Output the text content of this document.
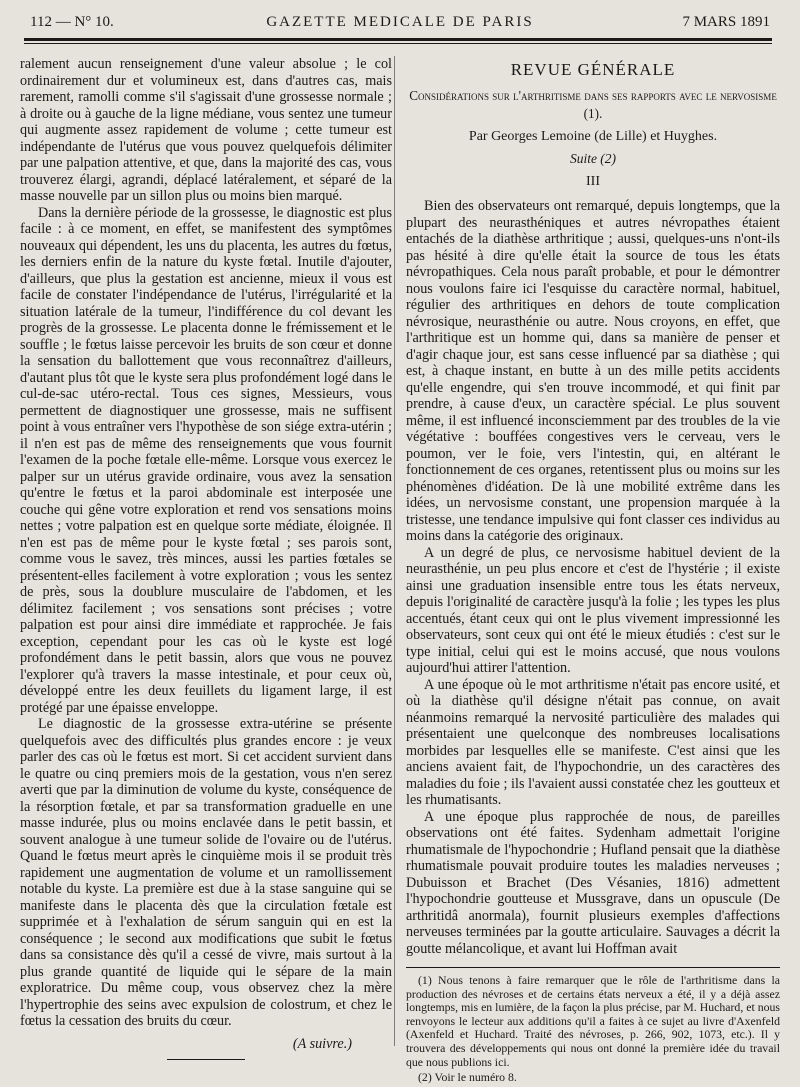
112 — N° 10.	GAZETTE MEDICALE DE PARIS	7 MARS 1891

ralement aucun renseignement d'une valeur absolue ; le col ordinairement dur et volumineux est, dans d'autres cas, mais rarement, ramolli comme s'il s'agissait d'une grossesse normale ; à droite ou à gauche de la ligne médiane, vous sentez une tumeur qui augmente assez rapidement de volume ; cette tumeur est indépendante de l'utérus que vous pouvez quelquefois délimiter par une palpation attentive, et que, dans la majorité des cas, vous trouverez élargi, agrandi, déplacé latéralement, et séparé de la masse nouvelle par un sillon plus ou moins bien marqué.

Dans la dernière période de la grossesse, le diagnostic est plus facile : à ce moment, en effet, se manifestent des symptômes nouveaux qui dépendent, les uns du placenta, les autres du fœtus, les derniers enfin de la nature du kyste fœtal. Inutile d'ajouter, d'ailleurs, que plus la gestation est ancienne, mieux il vous est facile de constater l'indépendance de l'utérus, l'irrégularité et la situation latérale de la tumeur, l'indifférence du col devant les progrès de la grossesse. Le placenta donne le frémissement et le souffle ; le fœtus laisse percevoir les bruits de son cœur et donne la sensation du ballottement que vous reconnaîtrez d'ailleurs, d'autant plus tôt que le kyste sera plus profondément logé dans le cul-de-sac utéro-rectal. Tous ces signes, Messieurs, vous permettent de diagnostiquer une grossesse, mais ne suffisent point à vous entraîner vers l'hypothèse de son siége extra-utérin ; il n'en est pas de même des renseignements que vous fournit l'examen de la poche fœtale elle-même. Lorsque vous exercez le palper sur un utérus gravide ordinaire, vous avez la sensation qu'entre le fœtus et la paroi abdominale est interposée une couche qui gêne votre exploration et rend vos sensations moins nettes ; votre palpation est en quelque sorte médiate, éloignée. Il n'en est pas de même pour le kyste fœtal ; ses parois sont, comme vous le savez, très minces, aussi les parties fœtales se présentent-elles facilement à votre exploration ; vous les sentez de près, sous la doublure musculaire de l'abdomen, et les délimitez facilement ; vos sensations sont précises ; votre palpation est pour ainsi dire immédiate et rapprochée. Je fais exception, cependant pour les cas où le kyste est logé profondément dans le petit bassin, alors que vous ne pouvez l'explorer qu'à travers la masse intestinale, et pour ceux où, développé entre les deux feuillets du ligament large, il est protégé par une épaisse enveloppe.

Le diagnostic de la grossesse extra-utérine se présente quelquefois avec des difficultés plus grandes encore : je veux parler des cas où le fœtus est mort. Si cet accident survient dans le quatre ou cinq premiers mois de la gestation, vous n'en serez averti que par la diminution de volume du kyste, conséquence de la résorption fœtale, et par sa transformation graduelle en une masse indurée, plus ou moins enclavée dans le petit bassin, et souvent analogue à une tumeur solide de l'ovaire ou de l'utérus. Quand le fœtus meurt après le cinquième mois il se produit très rapidement une augmentation de volume et un ramollissement notable du kyste. La première est due à la stase sanguine qui se manifeste dans le placenta dès que la circulation fœtale est supprimée et à l'exhalation de sérum sanguin qui en est la conséquence ; le second aux modifications que subit le fœtus dans sa consistance dès qu'il a cessé de vivre, mais surtout à la plus grande quantité de liquide qui le sépare de la main exploratrice. Du même coup, vous observez chez la mère l'hypertrophie des seins avec expulsion de colostrum, et chez le fœtus la cessation des bruits du cœur.

(A suivre.)
REVUE GÉNÉRALE
Considérations sur l'arthritisme dans ses rapports avec le nervosisme (1).
Par Georges Lemoine (de Lille) et Huyghes.
Suite (2)
III

Bien des observateurs ont remarqué, depuis longtemps, que la plupart des neurasthéniques et autres névropathes étaient entachés de la diathèse arthritique ; aussi, quelques-uns n'ont-ils pas hésité à dire qu'elle était la source de tous les états névropathiques. Cela nous paraît probable, et pour le démontrer nous voulons faire ici l'esquisse du caractère normal, habituel, régulier des arthritiques en dehors de toute complication névrosique, neurasthénie ou autre. Nous croyons, en effet, que l'arthritique est un homme qui, dans sa manière de penser et d'agir chaque jour, est sans cesse influencé par sa diathèse ; qui est, à chaque instant, en butte à un des mille petits accidents qu'elle engendre, qui s'en trouve incommodé, et qui finit par prendre, à cause d'eux, un caractère spécial. Le plus souvent même, il est influencé inconsciemment par des troubles de la vie végétative : bouffées congestives vers le cerveau, vers le poumon, ver le foie, vers l'intestin, qui, en altérant le fonctionnement de ces organes, retentissent plus ou moins sur les phénomènes d'idéation. De là une mobilité extrême dans les idées, un nervosisme constant, une propension marquée à la tristesse, une tendance impulsive qui font classer ces individus au moins dans la catégorie des originaux.

A un degré de plus, ce nervosisme habituel devient de la neurasthénie, un peu plus encore et c'est de l'hystérie ; il existe ainsi une graduation insensible entre tous les états nerveux, depuis l'originalité de caractère jusqu'à la folie ; les types les plus accentués, étant ceux qui ont le plus vivement impressionné les observateurs, sont ceux qui ont été le mieux étudiés : c'est sur le type initial, celui qui est le moins accusé, que nous voulons aujourd'hui attirer l'attention.

A une époque où le mot arthritisme n'était pas encore usité, et où la diathèse qu'il désigne n'était pas connue, on avait néanmoins remarqué la nervosité particulière des malades qui présentaient une quelconque des nombreuses localisations morbides par lesquelles elle se manifeste. C'est ainsi que les anciens avaient fait, de l'hypochondrie, un des caractères des maladies du foie ; ils l'avaient aussi constatée chez les goutteux et les rhumatisants.

A une époque plus rapprochée de nous, de pareilles observations ont été faites. Sydenham admettait l'origine rhumatismale de l'hypochondrie ; Hufland pensait que la diathèse rhumatismale pouvait produire toutes les maladies nerveuses ; Dubuisson et Brachet (Des Vésanies, 1816) admettent l'hypochondrie goutteuse et Mussgrave, dans un opuscule (De arthritidâ anormala), fournit plusieurs exemples d'affections nerveuses terminées par la goutte articulaire. Sauvages a décrit la goutte mélancolique, et avant lui Hoffman avait

(1) Nous tenons à faire remarquer que le rôle de l'arthritisme dans la production des névroses et de certains états nerveux a été, il y a déjà assez longtemps, mis en lumière, de la façon la plus précise, par M. Huchard, et nous renvoyons le lecteur aux additions qu'il a faites à ce sujet au livre d'Axenfeld (Axenfeld et Huchard. Traité des névroses, p. 266, 902, 1073, etc.). Il y trouvera des développements qui nous ont donné la première idée du travail que nous publions ici.

(2) Voir le numéro 8.
